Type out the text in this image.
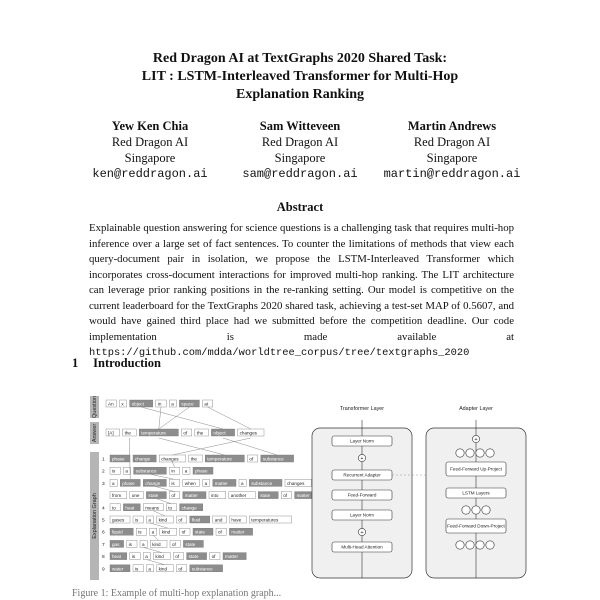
Red Dragon AI at TextGraphs 2020 Shared Task:
LIT : LSTM-Interleaved Transformer for Multi-Hop
Explanation Ranking
Yew Ken Chia
Red Dragon AI
Singapore
ken@reddragon.ai
Sam Witteveen
Red Dragon AI
Singapore
sam@reddragon.ai
Martin Andrews
Red Dragon AI
Singapore
martin@reddragon.ai
Abstract
Explainable question answering for science questions is a challenging task that requires multi-hop inference over a large set of fact sentences. To counter the limitations of methods that view each query-document pair in isolation, we propose the LSTM-Interleaved Transformer which incorporates cross-document interactions for improved multi-hop ranking. The LIT architecture can leverage prior ranking positions in the re-ranking setting. Our model is competitive on the current leaderboard for the TextGraphs 2020 shared task, achieving a test-set MAP of 0.5607, and would have gained third place had we submitted before the competition deadline. Our code implementation is made available at https://github.com/mdda/worldtree_corpus/tree/textgraphs_2020
1 Introduction
Question
Answer
Explanation Graph
An x object	in a space at
[A] the temperature	of the object	changes
1 phase change changes	the temperature	of substance
2 is a substance	in a phase
3 a phase change is when a matter	a substance	changes
from one state	of matter	into	another	state	of matter
4 to heat means to change
5 gases is a kind of fluid	and have temperatures
6 liquid	is a kind of state	of matter
7 gas is a kind of state
8 heat is a kind of state	of matter
9 water	is a kind of substance
Transformer Layer	Adapter Layer
Layer Norm
+
Recurrent Adapter
Feed-Forward
Layer Norm
+
Multi-Head Attention
+
Feed-Forward Up-Project
LSTM Layers
Feed-Forward Down-Project
Figure 1: Example of multi-hop explanation graph...
